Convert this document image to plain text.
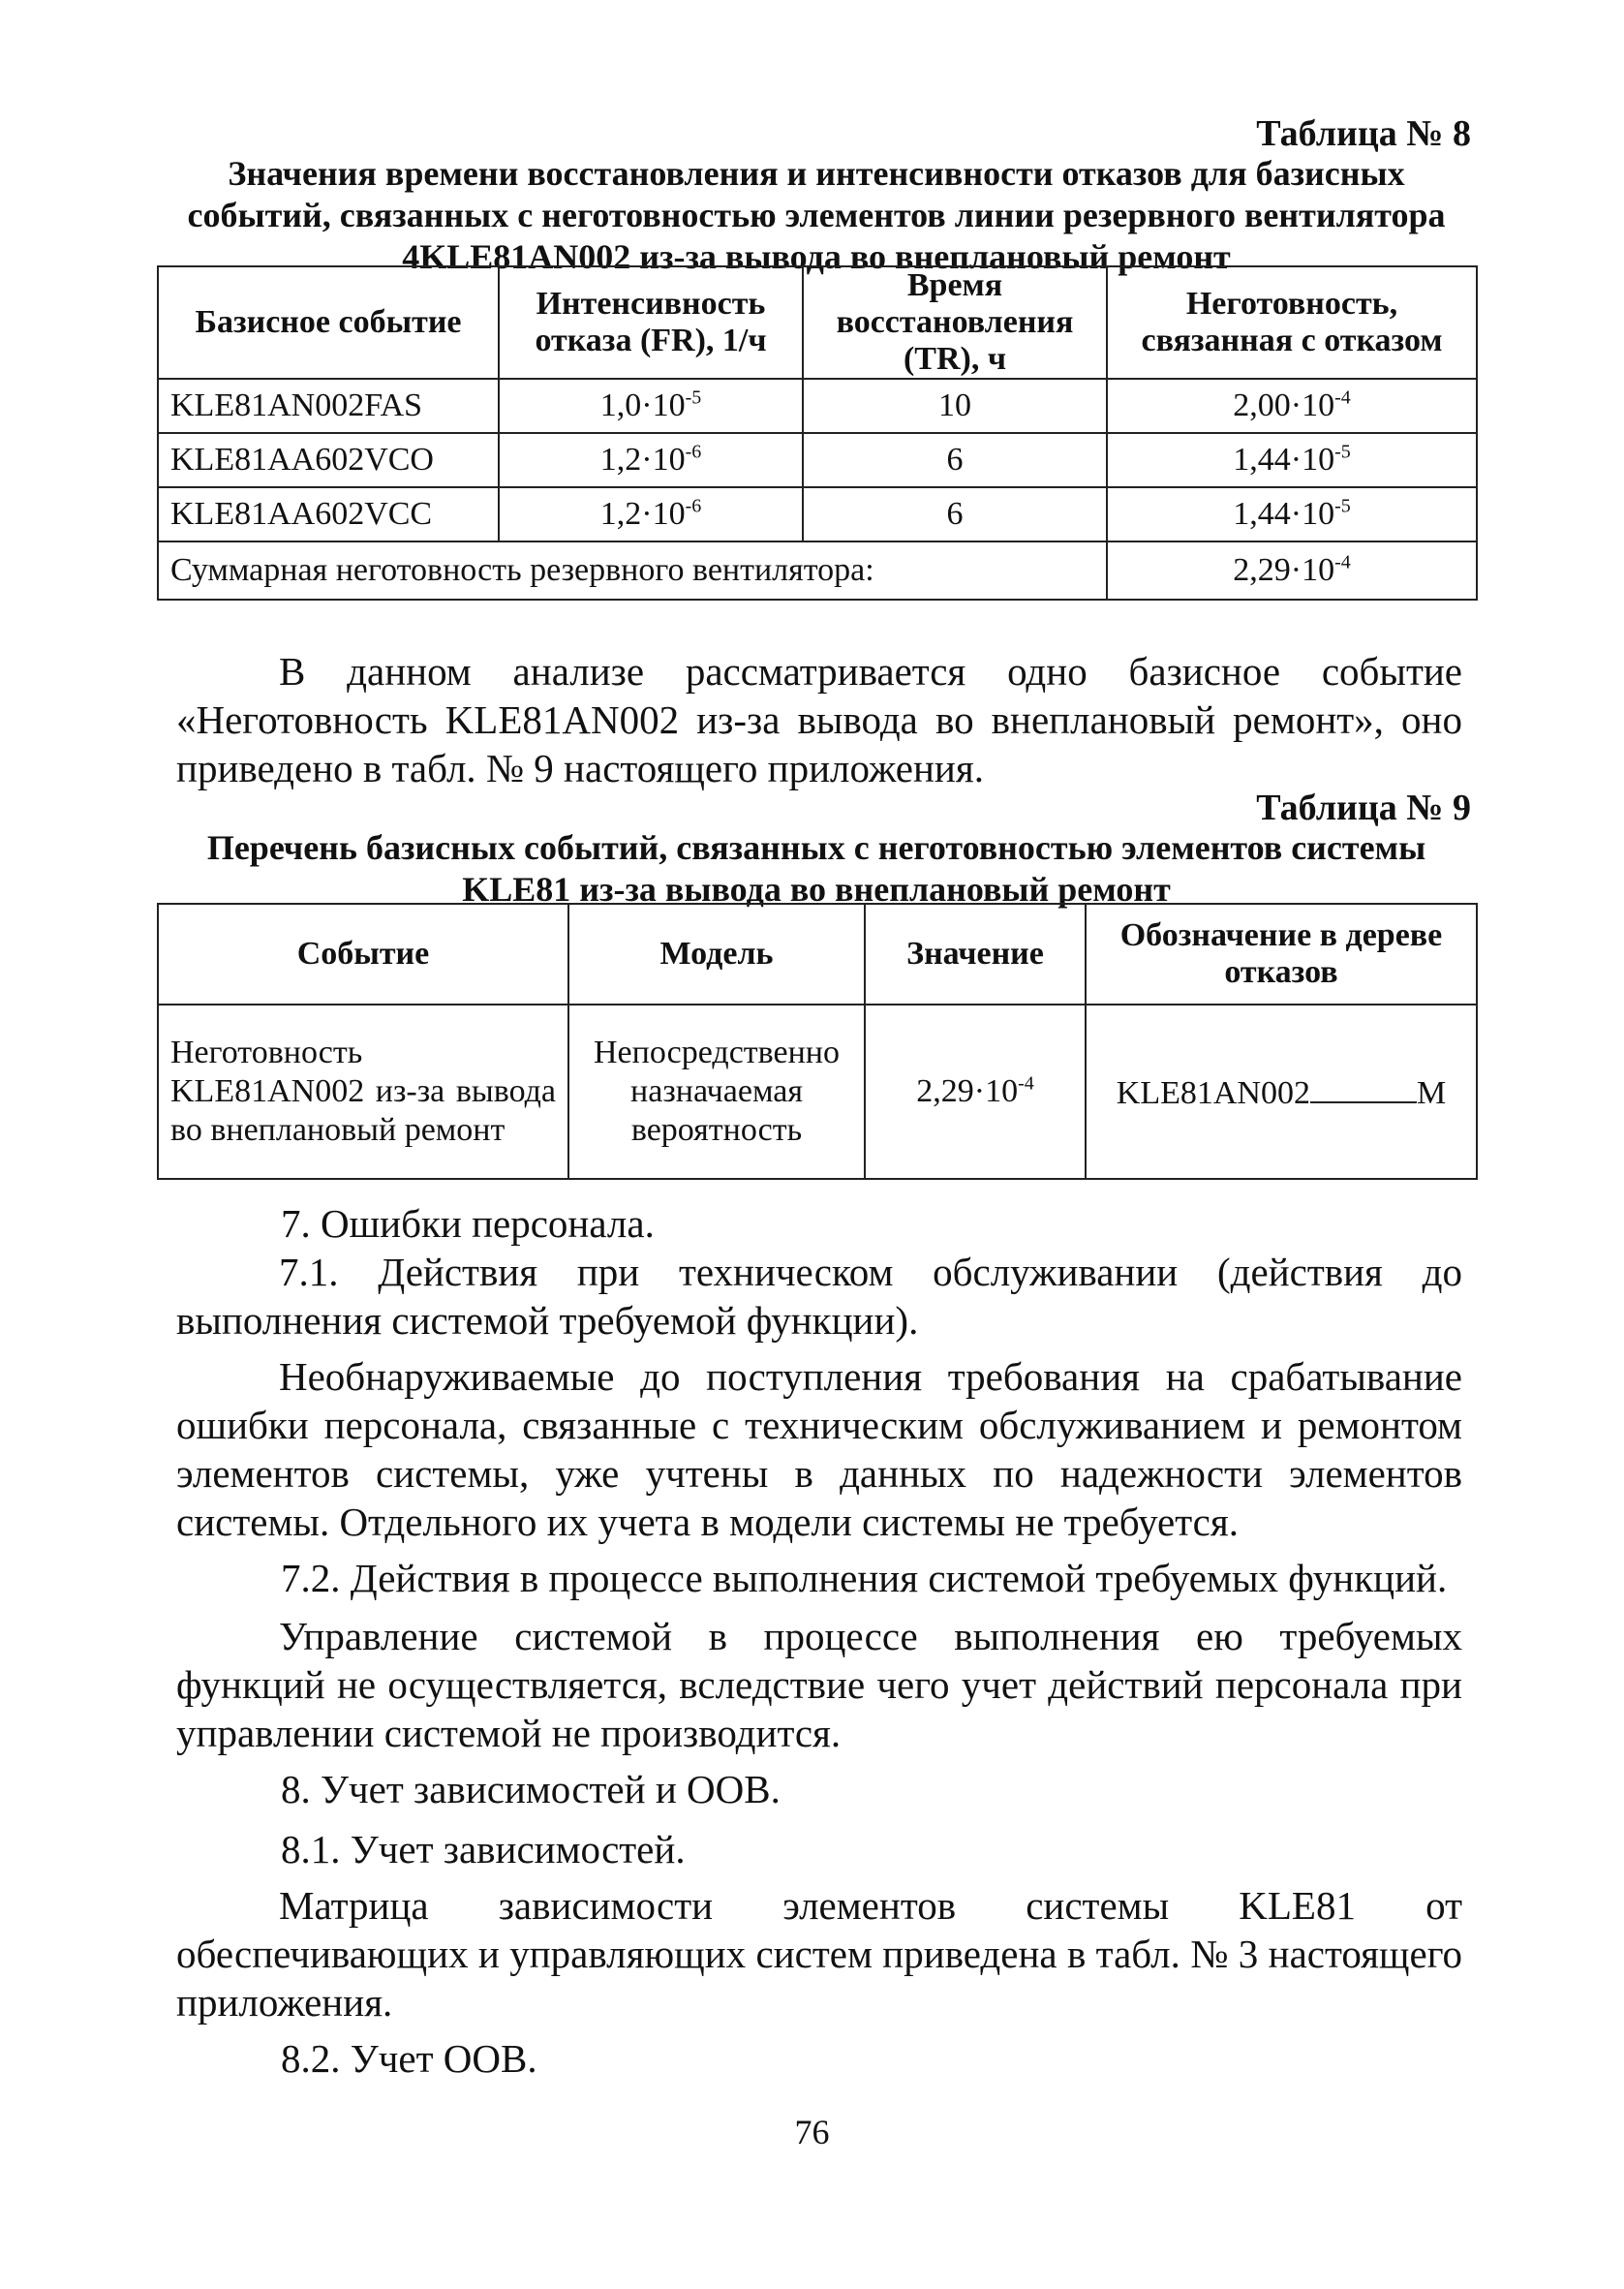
Таблица № 8
Значения времени восстановления и интенсивности отказов для базисных событий, связанных с неготовностью элементов линии резервного вентилятора 4KLE81AN002 из-за вывода во внеплановый ремонт
Базисное событие	Интенсивность отказа (FR), 1/ч	Время восстановления (TR), ч	Неготовность, связанная с отказом
KLE81AN002FAS	$1,0\cdot 10^{-5}$	10	$2,00\cdot 10^{-4}$
KLE81AA602VCO	$1,2\cdot 10^{-6}$	6	$1,44\cdot 10^{-5}$
KLE81AA602VCC	$1,2\cdot 10^{-6}$	6	$1,44\cdot 10^{-5}$
Суммарная неготовность резервного вентилятора:			$2,29\cdot 10^{-4}$
В данном анализе рассматривается одно базисное событие «Неготовность KLE81AN002 из-за вывода во внеплановый ремонт», оно приведено в табл. № 9 настоящего приложения.
Таблица № 9
Перечень базисных событий, связанных с неготовностью элементов системы KLE81 из-за вывода во внеплановый ремонт
Событие	Модель	Значение	Обозначение в дереве отказов
Неготовность KLE81AN002 из-за вывода во внеплановый ремонт	Непосредственно назначаемая вероятность	$2,29\cdot 10^{-4}$	KLE81AN002 M
7. Ошибки персонала.
7.1. Действия при техническом обслуживании (действия до выполнения системой требуемой функции).
Необнаруживаемые до поступления требования на срабатывание ошибки персонала, связанные с техническим обслуживанием и ремонтом элементов системы, уже учтены в данных по надежности элементов системы. Отдельного их учета в модели системы не требуется.
7.2. Действия в процессе выполнения системой требуемых функций.
Управление системой в процессе выполнения ею требуемых функций не осуществляется, вследствие чего учет действий персонала при управлении системой не производится.
8. Учет зависимостей и ООВ.
8.1. Учет зависимостей.
Матрица зависимости элементов системы KLE81 от обеспечивающих и управляющих систем приведена в табл. № 3 настоящего приложения.
8.2. Учет ООВ.
76
